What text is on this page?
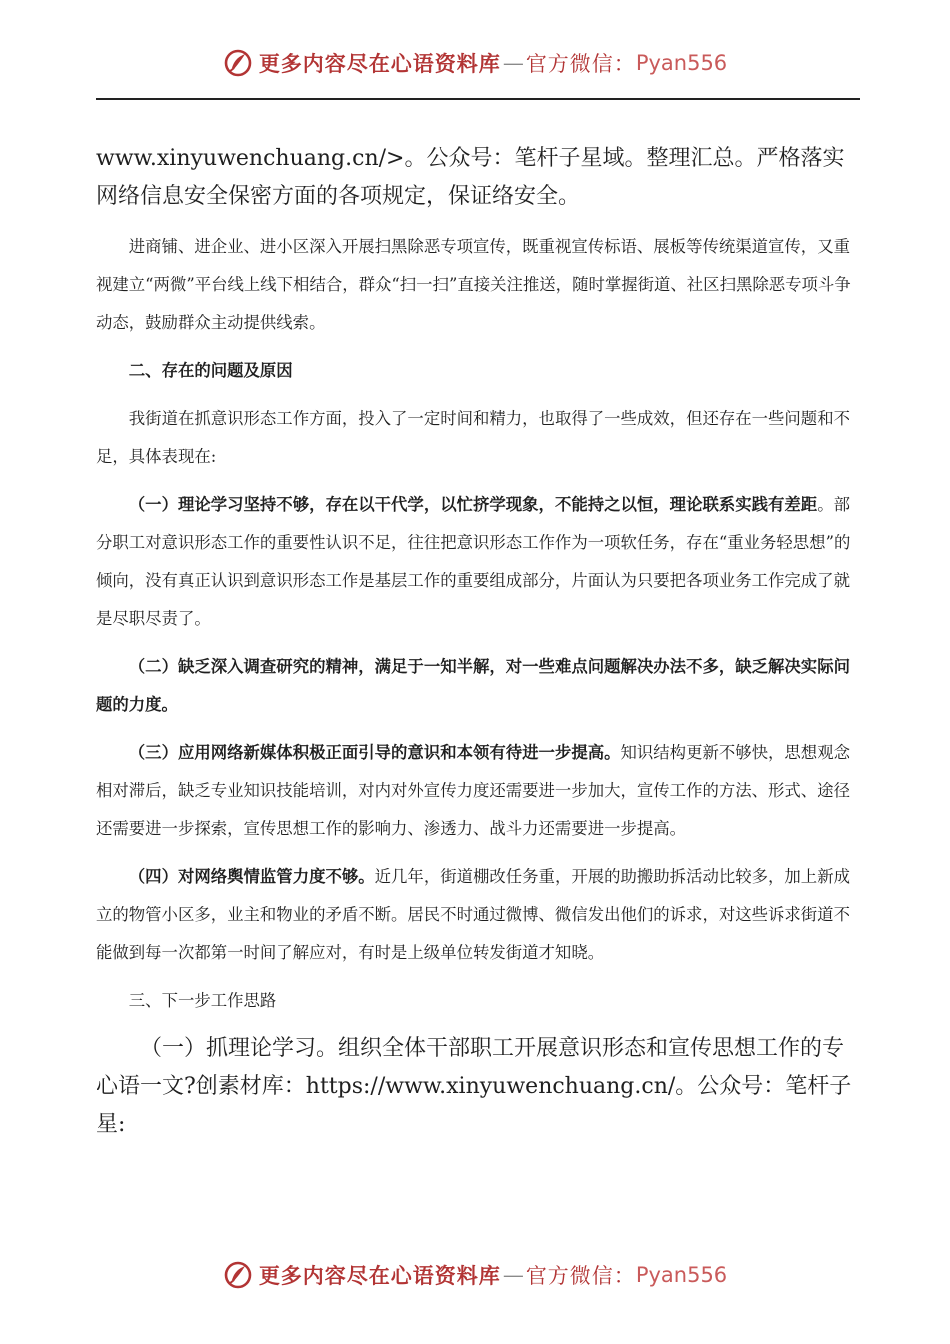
更多内容尽在心语资料库 — 官方微信： Pyan556

www.xinyuwenchuang.cn/>。公众号：笔杆子星域。整理汇总。严格落实网络信息安全保密方面的各项规定，保证络安全。

进商铺、进企业、进小区深入开展扫黑除恶专项宣传，既重视宣传标语、展板等传统渠道宣传，又重视建立“两微”平台线上线下相结合，群众“扫一扫”直接关注推送，随时掌握街道、社区扫黑除恶专项斗争动态，鼓励群众主动提供线索。

二、存在的问题及原因

我街道在抓意识形态工作方面，投入了一定时间和精力，也取得了一些成效，但还存在一些问题和不足，具体表现在:

（一）理论学习坚持不够，存在以干代学，以忙挤学现象，不能持之以恒，理论联系实践有差距。部分职工对意识形态工作的重要性认识不足，往往把意识形态工作作为一项软任务，存在“重业务轻思想”的倾向，没有真正认识到意识形态工作是基层工作的重要组成部分，片面认为只要把各项业务工作完成了就是尽职尽责了。

（二）缺乏深入调查研究的精神，满足于一知半解，对一些难点问题解决办法不多，缺乏解决实际问题的力度。

（三）应用网络新媒体积极正面引导的意识和本领有待进一步提高。知识结构更新不够快，思想观念相对滞后，缺乏专业知识技能培训，对内对外宣传力度还需要进一步加大，宣传工作的方法、形式、途径还需要进一步探索，宣传思想工作的影响力、渗透力、战斗力还需要进一步提高。

（四）对网络舆情监管力度不够。近几年，街道棚改任务重，开展的助搬助拆活动比较多，加上新成立的物管小区多，业主和物业的矛盾不断。居民不时通过微博、微信发出他们的诉求，对这些诉求街道不能做到每一次都第一时间了解应对，有时是上级单位转发街道才知晓。

三、下一步工作思路

（一）抓理论学习。组织全体干部职工开展意识形态和宣传思想工作的专心语一文?创素材库：https://www.xinyuwenchuang.cn/。公众号：笔杆子星:

更多内容尽在心语资料库 — 官方微信： Pyan556
